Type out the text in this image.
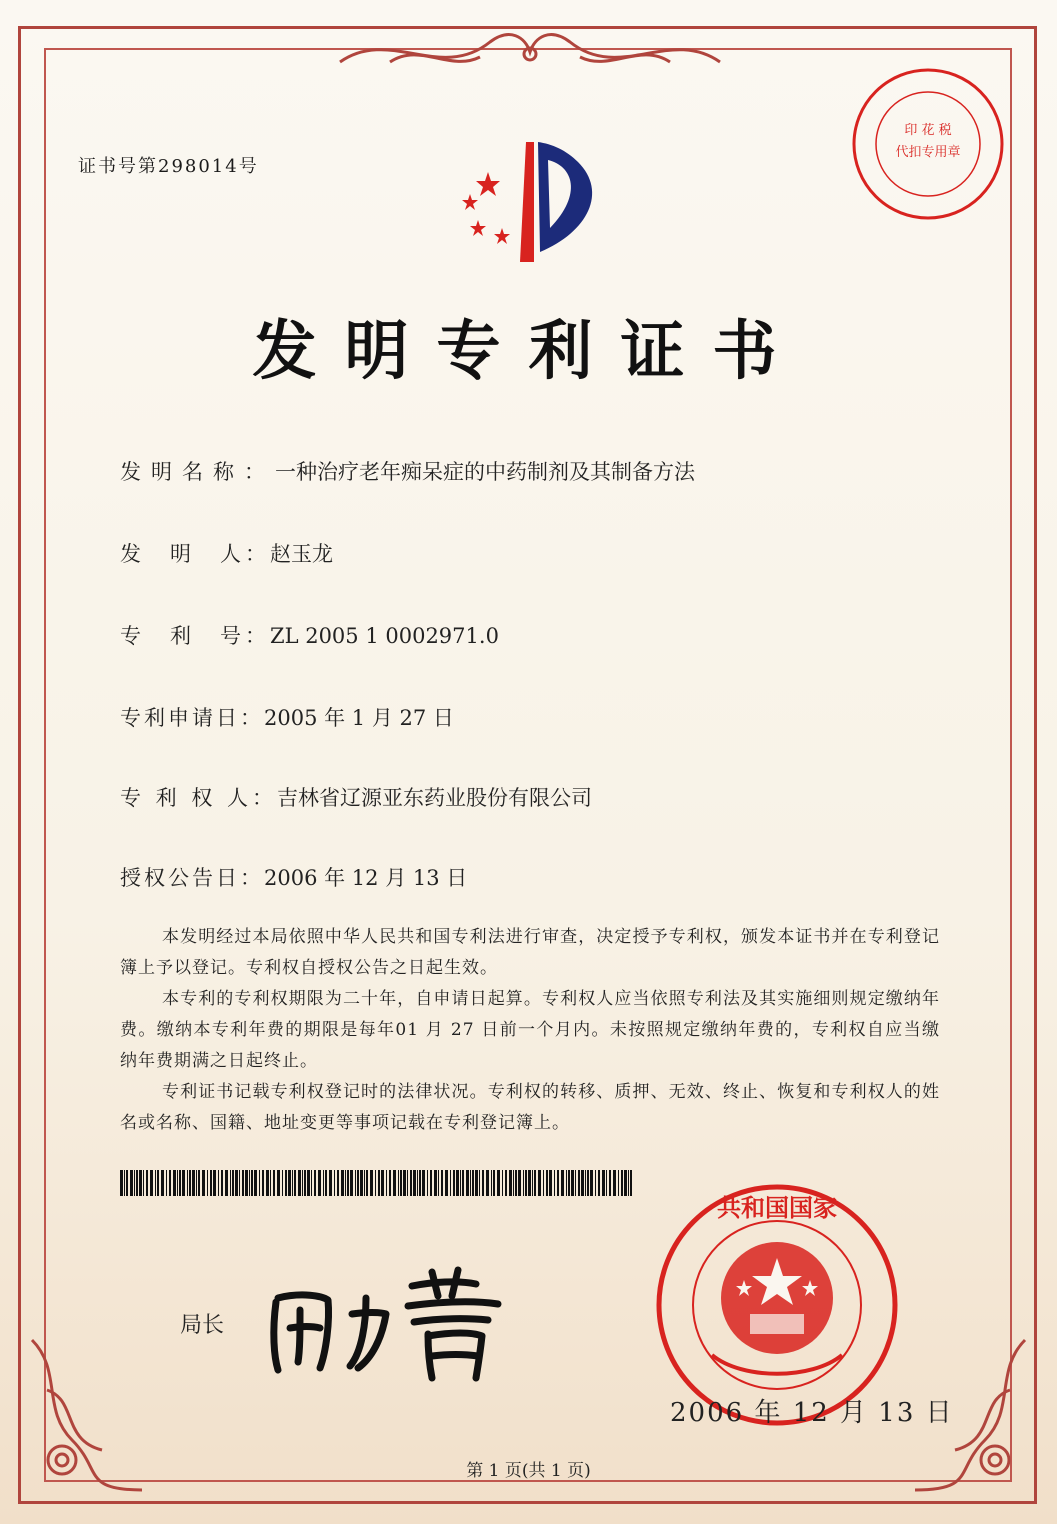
证书号第298014号
发明专利证书
发明名称：一种治疗老年痴呆症的中药制剂及其制备方法
发　明　人：赵玉龙
专　利　号：ZL 2005 1 0002971.0
专利申请日：2005 年 1 月 27 日
专 利 权 人：吉林省辽源亚东药业股份有限公司
授权公告日：2006 年 12 月 13 日

本发明经过本局依照中华人民共和国专利法进行审查，决定授予专利权，颁发本证书并在专利登记簿上予以登记。专利权自授权公告之日起生效。

本专利的专利权期限为二十年，自申请日起算。专利权人应当依照专利法及其实施细则规定缴纳年费。缴纳本专利年费的期限是每年01 月 27 日前一个月内。未按照规定缴纳年费的，专利权自应当缴纳年费期满之日起终止。

专利证书记载专利权登记时的法律状况。专利权的转移、质押、无效、终止、恢复和专利权人的姓名或名称、国籍、地址变更等事项记载在专利登记簿上。

局长
印 花 税
代扣专用章
共和国国家
2006 年 12 月 13 日
第 1 页(共 1 页)
